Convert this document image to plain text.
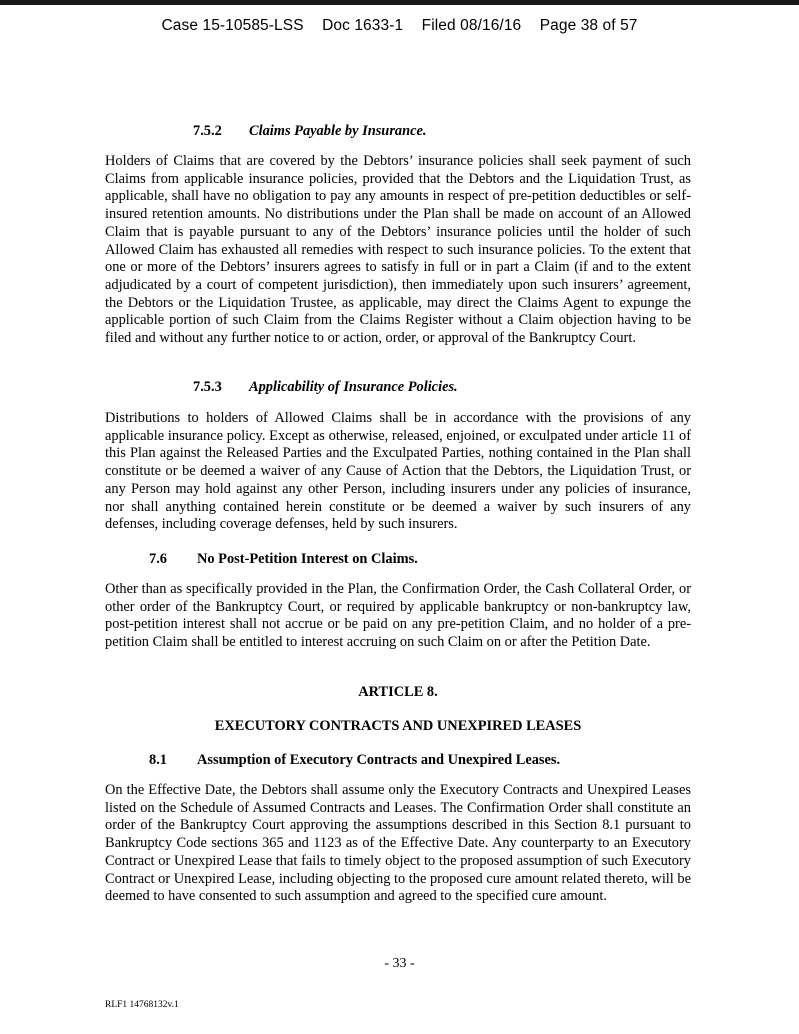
Case 15-10585-LSS Doc 1633-1 Filed 08/16/16 Page 38 of 57
7.5.2 Claims Payable by Insurance.
Holders of Claims that are covered by the Debtors’ insurance policies shall seek payment of such Claims from applicable insurance policies, provided that the Debtors and the Liquidation Trust, as applicable, shall have no obligation to pay any amounts in respect of pre-petition deductibles or self-insured retention amounts. No distributions under the Plan shall be made on account of an Allowed Claim that is payable pursuant to any of the Debtors’ insurance policies until the holder of such Allowed Claim has exhausted all remedies with respect to such insurance policies. To the extent that one or more of the Debtors’ insurers agrees to satisfy in full or in part a Claim (if and to the extent adjudicated by a court of competent jurisdiction), then immediately upon such insurers’ agreement, the Debtors or the Liquidation Trustee, as applicable, may direct the Claims Agent to expunge the applicable portion of such Claim from the Claims Register without a Claim objection having to be filed and without any further notice to or action, order, or approval of the Bankruptcy Court.
7.5.3 Applicability of Insurance Policies.
Distributions to holders of Allowed Claims shall be in accordance with the provisions of any applicable insurance policy. Except as otherwise, released, enjoined, or exculpated under article 11 of this Plan against the Released Parties and the Exculpated Parties, nothing contained in the Plan shall constitute or be deemed a waiver of any Cause of Action that the Debtors, the Liquidation Trust, or any Person may hold against any other Person, including insurers under any policies of insurance, nor shall anything contained herein constitute or be deemed a waiver by such insurers of any defenses, including coverage defenses, held by such insurers.
7.6 No Post-Petition Interest on Claims.
Other than as specifically provided in the Plan, the Confirmation Order, the Cash Collateral Order, or other order of the Bankruptcy Court, or required by applicable bankruptcy or non-bankruptcy law, post-petition interest shall not accrue or be paid on any pre-petition Claim, and no holder of a pre-petition Claim shall be entitled to interest accruing on such Claim on or after the Petition Date.
ARTICLE 8.
EXECUTORY CONTRACTS AND UNEXPIRED LEASES
8.1 Assumption of Executory Contracts and Unexpired Leases.
On the Effective Date, the Debtors shall assume only the Executory Contracts and Unexpired Leases listed on the Schedule of Assumed Contracts and Leases. The Confirmation Order shall constitute an order of the Bankruptcy Court approving the assumptions described in this Section 8.1 pursuant to Bankruptcy Code sections 365 and 1123 as of the Effective Date. Any counterparty to an Executory Contract or Unexpired Lease that fails to timely object to the proposed assumption of such Executory Contract or Unexpired Lease, including objecting to the proposed cure amount related thereto, will be deemed to have consented to such assumption and agreed to the specified cure amount.
- 33 -
RLF1 14768132v.1
